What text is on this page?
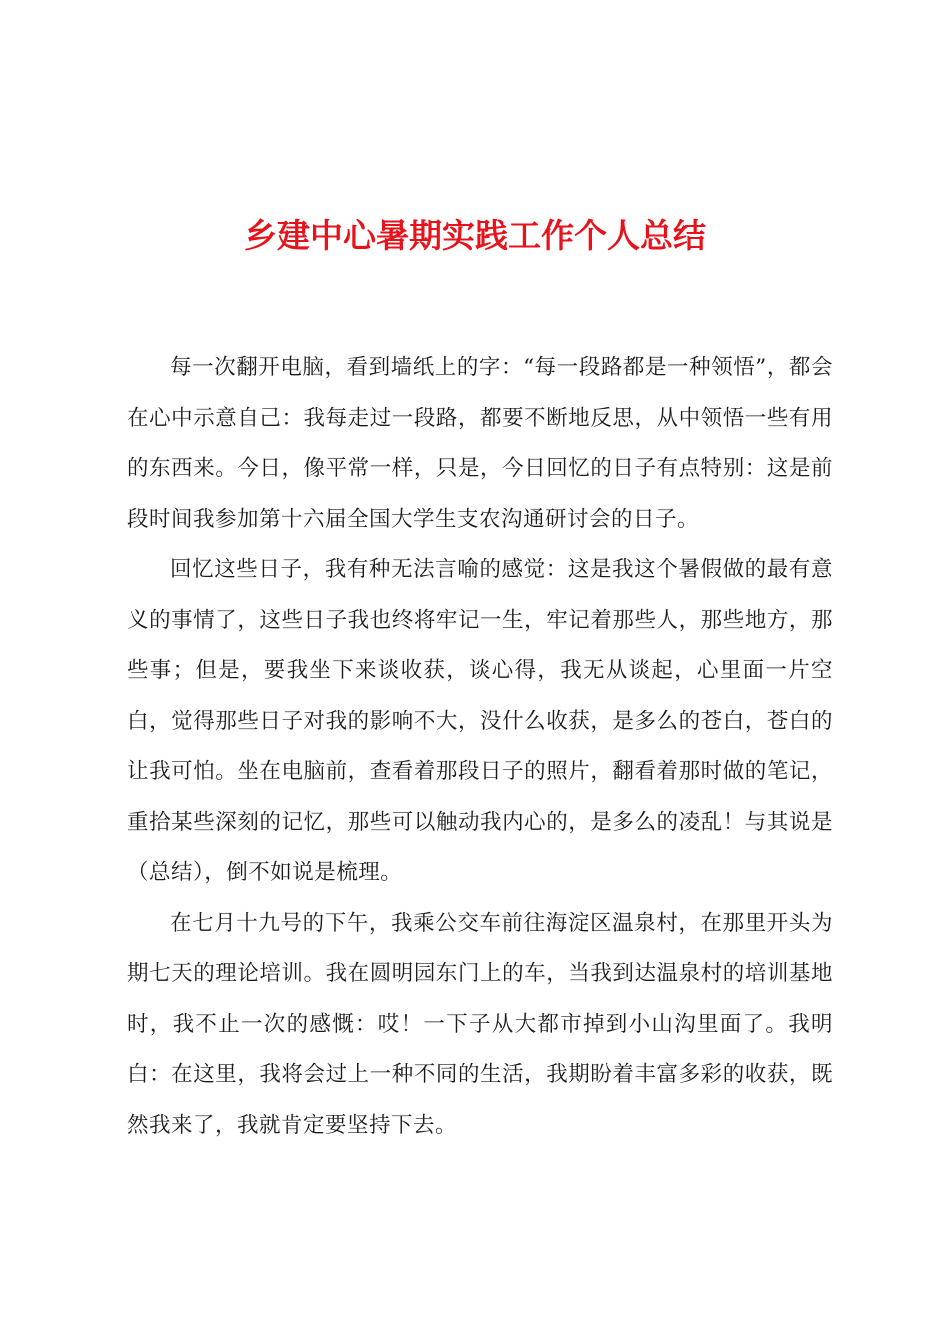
乡建中心暑期实践工作个人总结

每一次翻开电脑，看到墙纸上的字：“每一段路都是一种领悟”，都会在心中示意自己：我每走过一段路，都要不断地反思，从中领悟一些有用的东西来。今日，像平常一样，只是，今日回忆的日子有点特别：这是前段时间我参加第十六届全国大学生支农沟通研讨会的日子。

回忆这些日子，我有种无法言喻的感觉：这是我这个暑假做的最有意义的事情了，这些日子我也终将牢记一生，牢记着那些人，那些地方，那些事；但是，要我坐下来谈收获，谈心得，我无从谈起，心里面一片空白，觉得那些日子对我的影响不大，没什么收获，是多么的苍白，苍白的让我可怕。坐在电脑前，查看着那段日子的照片，翻看着那时做的笔记，重拾某些深刻的记忆，那些可以触动我内心的，是多么的凌乱！与其说是（总结），倒不如说是梳理。

在七月十九号的下午，我乘公交车前往海淀区温泉村，在那里开头为期七天的理论培训。我在圆明园东门上的车，当我到达温泉村的培训基地时，我不止一次的感慨：哎！一下子从大都市掉到小山沟里面了。我明白：在这里，我将会过上一种不同的生活，我期盼着丰富多彩的收获，既然我来了，我就肯定要坚持下去。
